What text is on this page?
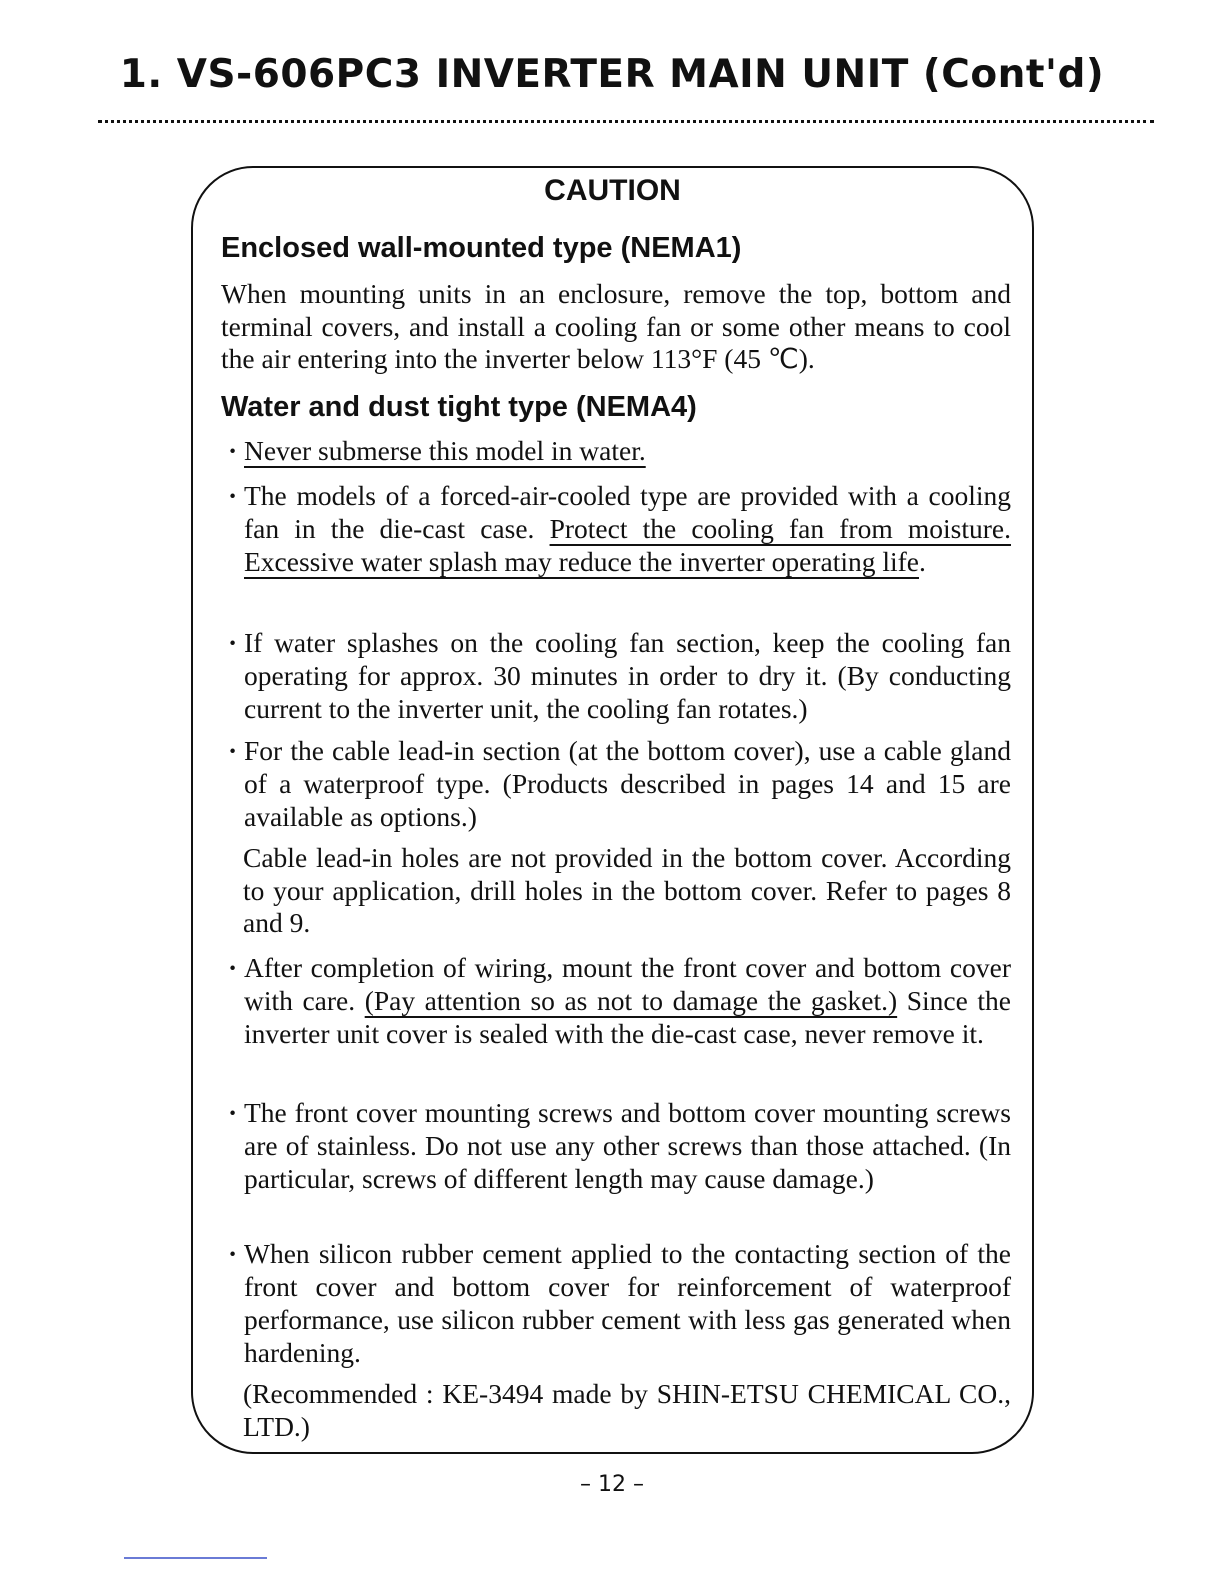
1. VS-606PC3 INVERTER MAIN UNIT (Cont'd)
CAUTION
Enclosed wall-mounted type (NEMA1)

When mounting units in an enclosure, remove the top, bottom and terminal covers, and install a cooling fan or some other means to cool the air entering into the inverter below 113°F (45 ℃).

Water and dust tight type (NEMA4)
· Never submerse this model in water.
· The models of a forced-air-cooled type are provided with a cooling fan in the die-cast case. Protect the cooling fan from moisture. Excessive water splash may reduce the inverter operating life.
· If water splashes on the cooling fan section, keep the cooling fan operating for approx. 30 minutes in order to dry it. (By conducting current to the inverter unit, the cooling fan rotates.)
· For the cable lead-in section (at the bottom cover), use a cable gland of a waterproof type. (Products described in pages 14 and 15 are available as options.)

Cable lead-in holes are not provided in the bottom cover. According to your application, drill holes in the bottom cover. Refer to pages 8 and 9.

· After completion of wiring, mount the front cover and bottom cover with care. (Pay attention so as not to damage the gasket.) Since the inverter unit cover is sealed with the die-cast case, never remove it.
· The front cover mounting screws and bottom cover mounting screws are of stainless. Do not use any other screws than those attached. (In particular, screws of different length may cause damage.)
· When silicon rubber cement applied to the contacting section of the front cover and bottom cover for reinforcement of waterproof performance, use silicon rubber cement with less gas generated when hardening.

(Recommended : KE-3494 made by SHIN-ETSU CHEMICAL CO., LTD.)

– 12 –
